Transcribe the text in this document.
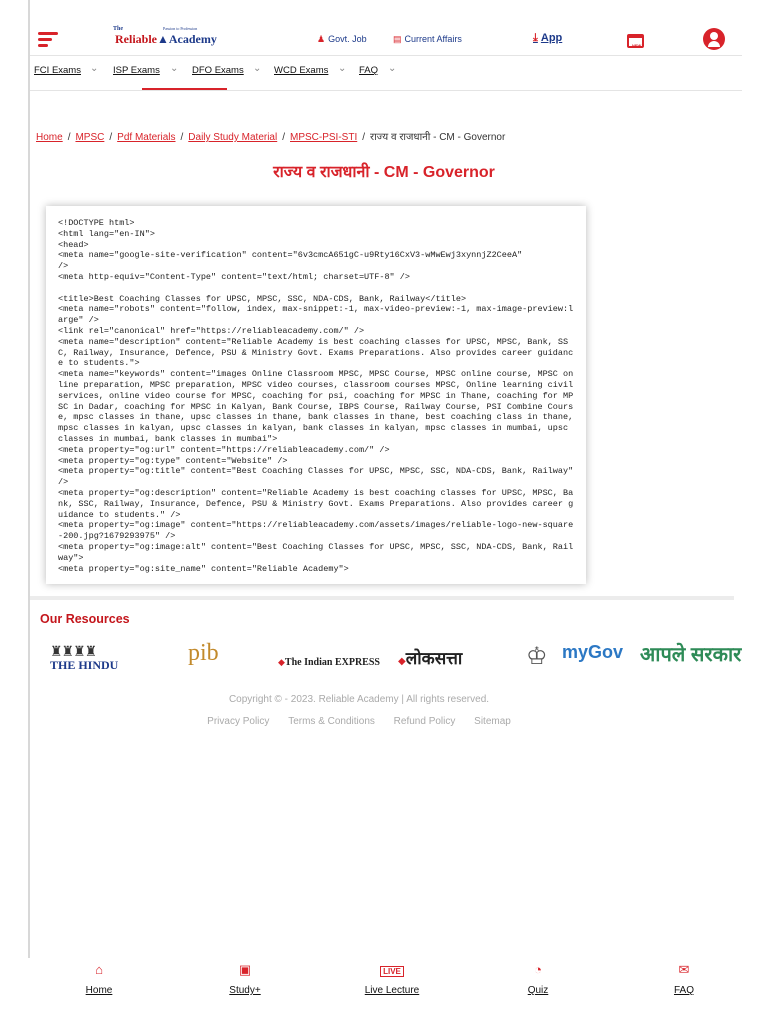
The	Passion to Profession
Reliable▲Academy	♟ Govt. Job	▤ Current Affairs	⤓ App
NEW
FCI Exams ⌄ ISP Exams ⌄ DFO Exams ⌄ WCD Exams ⌄ FAQ ⌄
Home / MPSC / Pdf Materials / Daily Study Material / MPSC-PSI-STI / राज्य व राजधानी - CM - Governor
राज्य व राजधानी - CM - Governor
<!DOCTYPE html>
<html lang="en-IN">
<head>
<meta name="google-site-verification" content="6v3cmcA651gC-u9Rty16CxV3-wMwEwj3xynnjZ2CeeA"
/>
<meta http-equiv="Content-Type" content="text/html; charset=UTF-8" />

<title>Best Coaching Classes for UPSC, MPSC, SSC, NDA-CDS, Bank, Railway</title>
<meta name="robots" content="follow, index, max-snippet:-1, max-video-preview:-1, max-image-preview:large" />
<link rel="canonical" href="https://reliableacademy.com/" />
<meta name="description" content="Reliable Academy is best coaching classes for UPSC, MPSC, Bank, SSC, Railway, Insurance, Defence, PSU & Ministry Govt. Exams Preparations. Also provides career guidance to students.">
<meta name="keywords" content="images Online Classroom MPSC, MPSC Course, MPSC online course, MPSC online preparation, MPSC preparation, MPSC video courses, classroom courses MPSC, Online learning civil services, online video course for MPSC, coaching for psi, coaching for MPSC in Thane, coaching for MPSC in Dadar, coaching for MPSC in Kalyan, Bank Course, IBPS Course, Railway Course, PSI Combine Course, mpsc classes in thane, upsc classes in thane, bank classes in thane, best coaching class in thane, mpsc classes in kalyan, upsc classes in kalyan, bank classes in kalyan, mpsc classes in mumbai, upsc classes in mumbai, bank classes in mumbai">
<meta property="og:url" content="https://reliableacademy.com/" />
<meta property="og:type" content="Website" />
<meta property="og:title" content="Best Coaching Classes for UPSC, MPSC, SSC, NDA-CDS, Bank, Railway" />
<meta property="og:description" content="Reliable Academy is best coaching classes for UPSC, MPSC, Bank, SSC, Railway, Insurance, Defence, PSU & Ministry Govt. Exams Preparations. Also provides career guidance to students." />
<meta property="og:image" content="https://reliableacademy.com/assets/images/reliable-logo-new-square-200.jpg?1679293975" />
<meta property="og:image:alt" content="Best Coaching Classes for UPSC, MPSC, SSC, NDA-CDS, Bank, Railway">
<meta property="og:site_name" content="Reliable Academy">
Our Resources
♜♜♜♜
THE HINDU	pib	◆The Indian EXPRESS ◆लोकसत्ता	♔ myGov आपले सरकार
Copyright © - 2023. Reliable Academy | All rights reserved.
Privacy Policy Terms & Conditions Refund Policy Sitemap
⌂
Home
▣
Study+
LIVE
Live Lecture
◔
Quiz
✉
FAQ
